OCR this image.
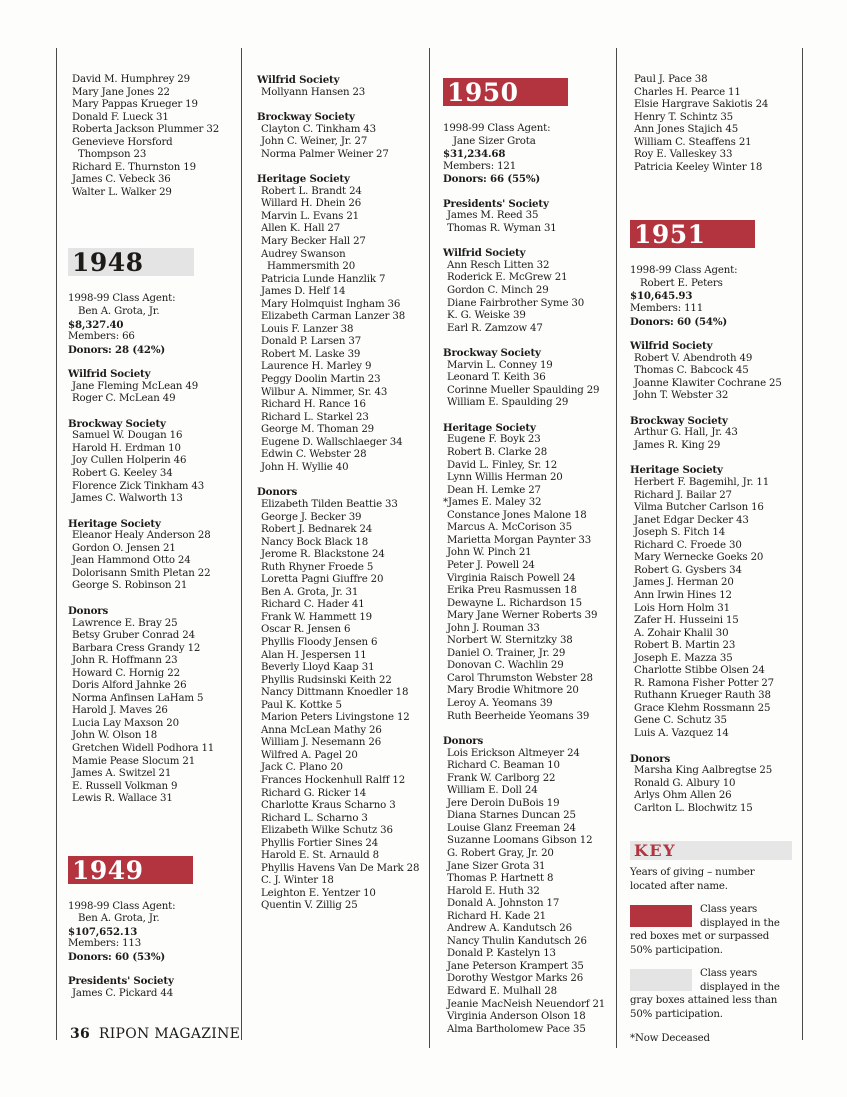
David M. Humphrey 29
Mary Jane Jones 22
Mary Pappas Krueger 19
Donald F. Lueck 31
Roberta Jackson Plummer 32
Genevieve Horsford
Thompson 23
Richard E. Thurnston 19
James C. Vebeck 36
Walter L. Walker 29
1948
1998-99 Class Agent:
Ben A. Grota, Jr.
$8,327.40
Members: 66
Donors: 28 (42%)
Wilfrid Society
Jane Fleming McLean 49
Roger C. McLean 49
Brockway Society
Samuel W. Dougan 16
Harold H. Erdman 10
Joy Cullen Holperin 46
Robert G. Keeley 34
Florence Zick Tinkham 43
James C. Walworth 13
Heritage Society
Eleanor Healy Anderson 28
Gordon O. Jensen 21
Jean Hammond Otto 24
Dolorisann Smith Pletan 22
George S. Robinson 21
Donors
Lawrence E. Bray 25
Betsy Gruber Conrad 24
Barbara Cress Grandy 12
John R. Hoffmann 23
Howard C. Hornig 22
Doris Alford Jahnke 26
Norma Anfinsen LaHam 5
Harold J. Maves 26
Lucia Lay Maxson 20
John W. Olson 18
Gretchen Widell Podhora 11
Mamie Pease Slocum 21
James A. Switzel 21
E. Russell Volkman 9
Lewis R. Wallace 31
1949
1998-99 Class Agent:
Ben A. Grota, Jr.
$107,652.13
Members: 113
Donors: 60 (53%)
Presidents' Society
James C. Pickard 44
Wilfrid Society
Mollyann Hansen 23
Brockway Society
Clayton C. Tinkham 43
John C. Weiner, Jr. 27
Norma Palmer Weiner 27
Heritage Society
Robert L. Brandt 24
Willard H. Dhein 26
Marvin L. Evans 21
Allen K. Hall 27
Mary Becker Hall 27
Audrey Swanson
Hammersmith 20
Patricia Lunde Hanzlik 7
James D. Helf 14
Mary Holmquist Ingham 36
Elizabeth Carman Lanzer 38
Louis F. Lanzer 38
Donald P. Larsen 37
Robert M. Laske 39
Laurence H. Marley 9
Peggy Doolin Martin 23
Wilbur A. Nimmer, Sr. 43
Richard H. Rance 16
Richard L. Starkel 23
George M. Thoman 29
Eugene D. Wallschlaeger 34
Edwin C. Webster 28
John H. Wyllie 40
Donors
Elizabeth Tilden Beattie 33
George J. Becker 39
Robert J. Bednarek 24
Nancy Bock Black 18
Jerome R. Blackstone 24
Ruth Rhyner Froede 5
Loretta Pagni Giuffre 20
Ben A. Grota, Jr. 31
Richard C. Hader 41
Frank W. Hammett 19
Oscar R. Jensen 6
Phyllis Floody Jensen 6
Alan H. Jespersen 11
Beverly Lloyd Kaap 31
Phyllis Rudsinski Keith 22
Nancy Dittmann Knoedler 18
Paul K. Kottke 5
Marion Peters Livingstone 12
Anna McLean Mathy 26
William J. Nesemann 26
Wilfred A. Pagel 20
Jack C. Plano 20
Frances Hockenhull Ralff 12
Richard G. Ricker 14
Charlotte Kraus Scharno 3
Richard L. Scharno 3
Elizabeth Wilke Schutz 36
Phyllis Fortier Sines 24
Harold E. St. Arnauld 8
Phyllis Havens Van De Mark 28
C. J. Winter 18
Leighton E. Yentzer 10
Quentin V. Zillig 25
1950
1998-99 Class Agent:
Jane Sizer Grota
$31,234.68
Members: 121
Donors: 66 (55%)
Presidents' Society
James M. Reed 35
Thomas R. Wyman 31
Wilfrid Society
Ann Resch Litten 32
Roderick E. McGrew 21
Gordon C. Minch 29
Diane Fairbrother Syme 30
K. G. Weiske 39
Earl R. Zamzow 47
Brockway Society
Marvin L. Conney 19
Leonard T. Keith 36
Corinne Mueller Spaulding 29
William E. Spaulding 29
Heritage Society
Eugene F. Boyk 23
Robert B. Clarke 28
David L. Finley, Sr. 12
Lynn Willis Herman 20
Dean H. Lemke 27
*James E. Maley 32
Constance Jones Malone 18
Marcus A. McCorison 35
Marietta Morgan Paynter 33
John W. Pinch 21
Peter J. Powell 24
Virginia Raisch Powell 24
Erika Preu Rasmussen 18
Dewayne L. Richardson 15
Mary Jane Werner Roberts 39
John J. Rouman 33
Norbert W. Sternitzky 38
Daniel O. Trainer, Jr. 29
Donovan C. Wachlin 29
Carol Thrumston Webster 28
Mary Brodie Whitmore 20
Leroy A. Yeomans 39
Ruth Beerheide Yeomans 39
Donors
Lois Erickson Altmeyer 24
Richard C. Beaman 10
Frank W. Carlborg 22
William E. Doll 24
Jere Deroin DuBois 19
Diana Starnes Duncan 25
Louise Glanz Freeman 24
Suzanne Loomans Gibson 12
G. Robert Gray, Jr. 20
Jane Sizer Grota 31
Thomas P. Hartnett 8
Harold E. Huth 32
Donald A. Johnston 17
Richard H. Kade 21
Andrew A. Kandutsch 26
Nancy Thulin Kandutsch 26
Donald P. Kastelyn 13
Jane Peterson Krampert 35
Dorothy Westgor Marks 26
Edward E. Mulhall 28
Jeanie MacNeish Neuendorf 21
Virginia Anderson Olson 18
Alma Bartholomew Pace 35
Paul J. Pace 38
Charles H. Pearce 11
Elsie Hargrave Sakiotis 24
Henry T. Schintz 35
Ann Jones Stajich 45
William C. Steaffens 21
Roy E. Valleskey 33
Patricia Keeley Winter 18
1951
1998-99 Class Agent:
Robert E. Peters
$10,645.93
Members: 111
Donors: 60 (54%)
Wilfrid Society
Robert V. Abendroth 49
Thomas C. Babcock 45
Joanne Klawiter Cochrane 25
John T. Webster 32
Brockway Society
Arthur G. Hall, Jr. 43
James R. King 29
Heritage Society
Herbert F. Bagemihl, Jr. 11
Richard J. Bailar 27
Vilma Butcher Carlson 16
Janet Edgar Decker 43
Joseph S. Fitch 14
Richard C. Froede 30
Mary Wernecke Goeks 20
Robert G. Gysbers 34
James J. Herman 20
Ann Irwin Hines 12
Lois Horn Holm 31
Zafer H. Husseini 15
A. Zohair Khalil 30
Robert B. Martin 23
Joseph E. Mazza 35
Charlotte Stibbe Olsen 24
R. Ramona Fisher Potter 27
Ruthann Krueger Rauth 38
Grace Klehm Rossmann 25
Gene C. Schutz 35
Luis A. Vazquez 14
Donors
Marsha King Aalbregtse 25
Ronald G. Albury 10
Arlys Ohm Allen 26
Carlton L. Blochwitz 15
KEY
Years of giving – number located after name.
Class years displayed in the red boxes met or surpassed 50% participation.
Class years displayed in the gray boxes attained less than 50% participation.
*Now Deceased
36 RIPON MAGAZINE
